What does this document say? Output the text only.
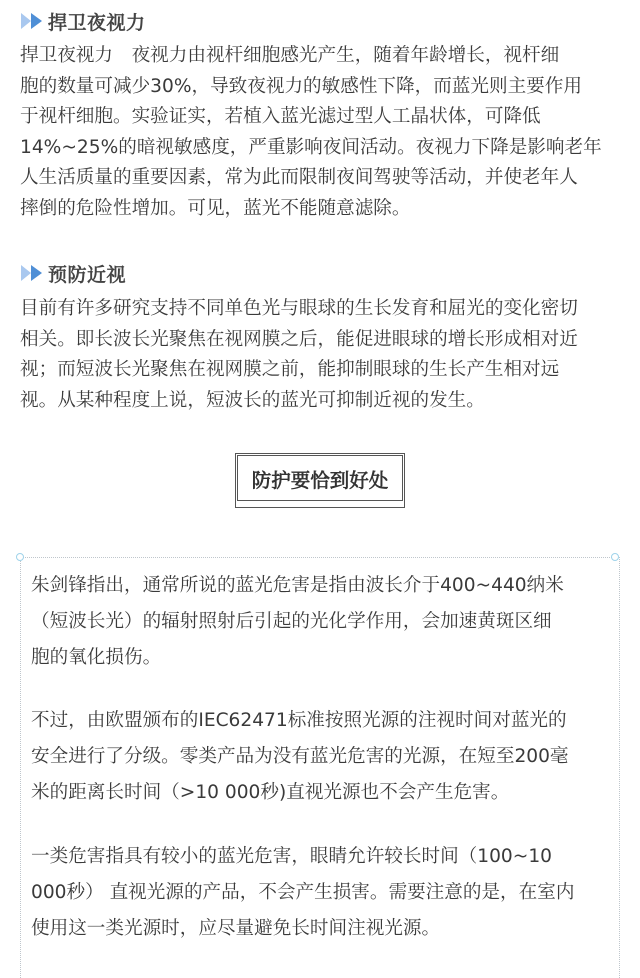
捍卫夜视力
捍卫夜视力　夜视力由视杆细胞感光产生，随着年龄增长，视杆细
胞的数量可减少30%，导致夜视力的敏感性下降，而蓝光则主要作用
于视杆细胞。实验证实，若植入蓝光滤过型人工晶状体，可降低
14%~25%的暗视敏感度，严重影响夜间活动。夜视力下降是影响老年
人生活质量的重要因素，常为此而限制夜间驾驶等活动，并使老年人
摔倒的危险性增加。可见，蓝光不能随意滤除。
预防近视
目前有许多研究支持不同单色光与眼球的生长发育和屈光的变化密切
相关。即长波长光聚焦在视网膜之后，能促进眼球的增长形成相对近
视；而短波长光聚焦在视网膜之前，能抑制眼球的生长产生相对远
视。从某种程度上说，短波长的蓝光可抑制近视的发生。
防护要恰到好处
朱剑锋指出，通常所说的蓝光危害是指由波长介于400~440纳米
（短波长光）的辐射照射后引起的光化学作用，会加速黄斑区细
胞的氧化损伤。
不过，由欧盟颁布的IEC62471标准按照光源的注视时间对蓝光的
安全进行了分级。零类产品为没有蓝光危害的光源，在短至200毫
米的距离长时间（>10 000秒)直视光源也不会产生危害。
一类危害指具有较小的蓝光危害，眼睛允许较长时间（100~10
000秒） 直视光源的产品，不会产生损害。需要注意的是，在室内
使用这一类光源时，应尽量避免长时间注视光源。
